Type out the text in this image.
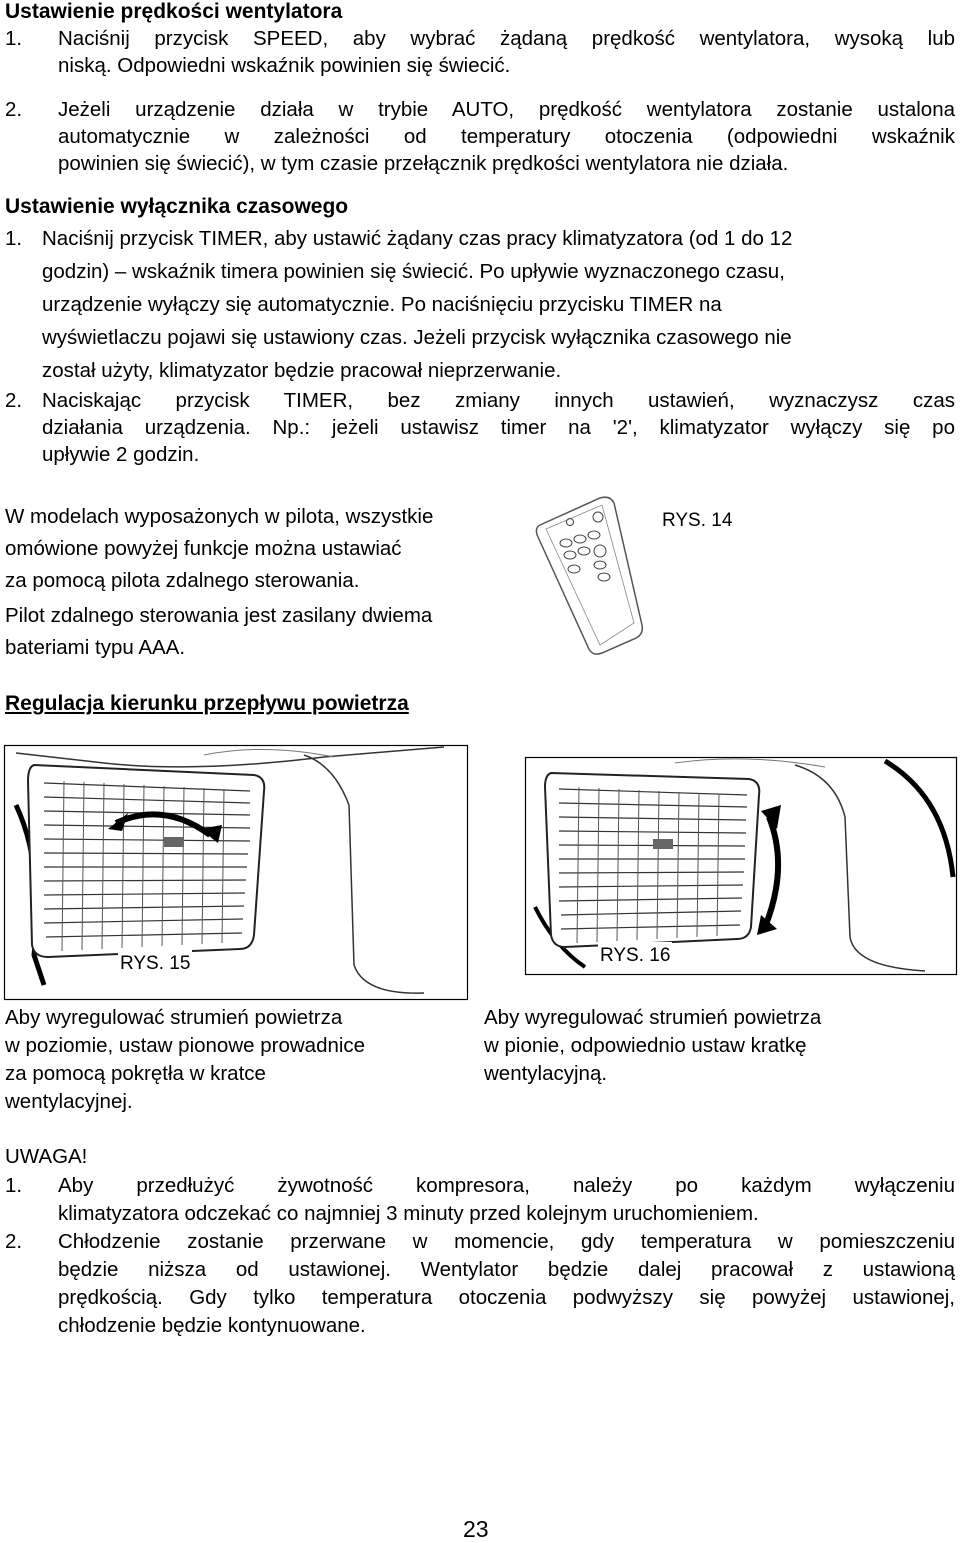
Ustawienie prędkości wentylatora
1. Naciśnij przycisk SPEED, aby wybrać żądaną prędkość wentylatora, wysoką lub
niską. Odpowiedni wskaźnik powinien się świecić.
2. Jeżeli urządzenie działa w trybie AUTO, prędkość wentylatora zostanie ustalona
automatycznie w zależności od temperatury otoczenia (odpowiedni wskaźnik
powinien się świecić), w tym czasie przełącznik prędkości wentylatora nie działa.
Ustawienie wyłącznika czasowego
1. Naciśnij przycisk TIMER, aby ustawić żądany czas pracy klimatyzatora (od 1 do 12
godzin) – wskaźnik timera powinien się świecić. Po upływie wyznaczonego czasu,
urządzenie wyłączy się automatycznie. Po naciśnięciu przycisku TIMER na
wyświetlaczu pojawi się ustawiony czas. Jeżeli przycisk wyłącznika czasowego nie
został użyty, klimatyzator będzie pracował nieprzerwanie.
2. Naciskając przycisk TIMER, bez zmiany innych ustawień, wyznaczysz czas
działania urządzenia. Np.: jeżeli ustawisz timer na '2', klimatyzator wyłączy się po
upływie 2 godzin.
W modelach wyposażonych w pilota, wszystkie
omówione powyżej funkcje można ustawiać
za pomocą pilota zdalnego sterowania.
Pilot zdalnego sterowania jest zasilany dwiema
bateriami typu AAA.
RYS. 14
Regulacja kierunku przepływu powietrza
RYS. 15	RYS. 16
Aby wyregulować strumień powietrza
w poziomie, ustaw pionowe prowadnice
za pomocą pokrętła w kratce
wentylacyjnej.
Aby wyregulować strumień powietrza
w pionie, odpowiednio ustaw kratkę
wentylacyjną.
UWAGA!
1. Aby przedłużyć żywotność kompresora, należy po każdym wyłączeniu
klimatyzatora odczekać co najmniej 3 minuty przed kolejnym uruchomieniem.
2. Chłodzenie zostanie przerwane w momencie, gdy temperatura w pomieszczeniu
będzie niższa od ustawionej. Wentylator będzie dalej pracował z ustawioną
prędkością. Gdy tylko temperatura otoczenia podwyższy się powyżej ustawionej,
chłodzenie będzie kontynuowane.
23
